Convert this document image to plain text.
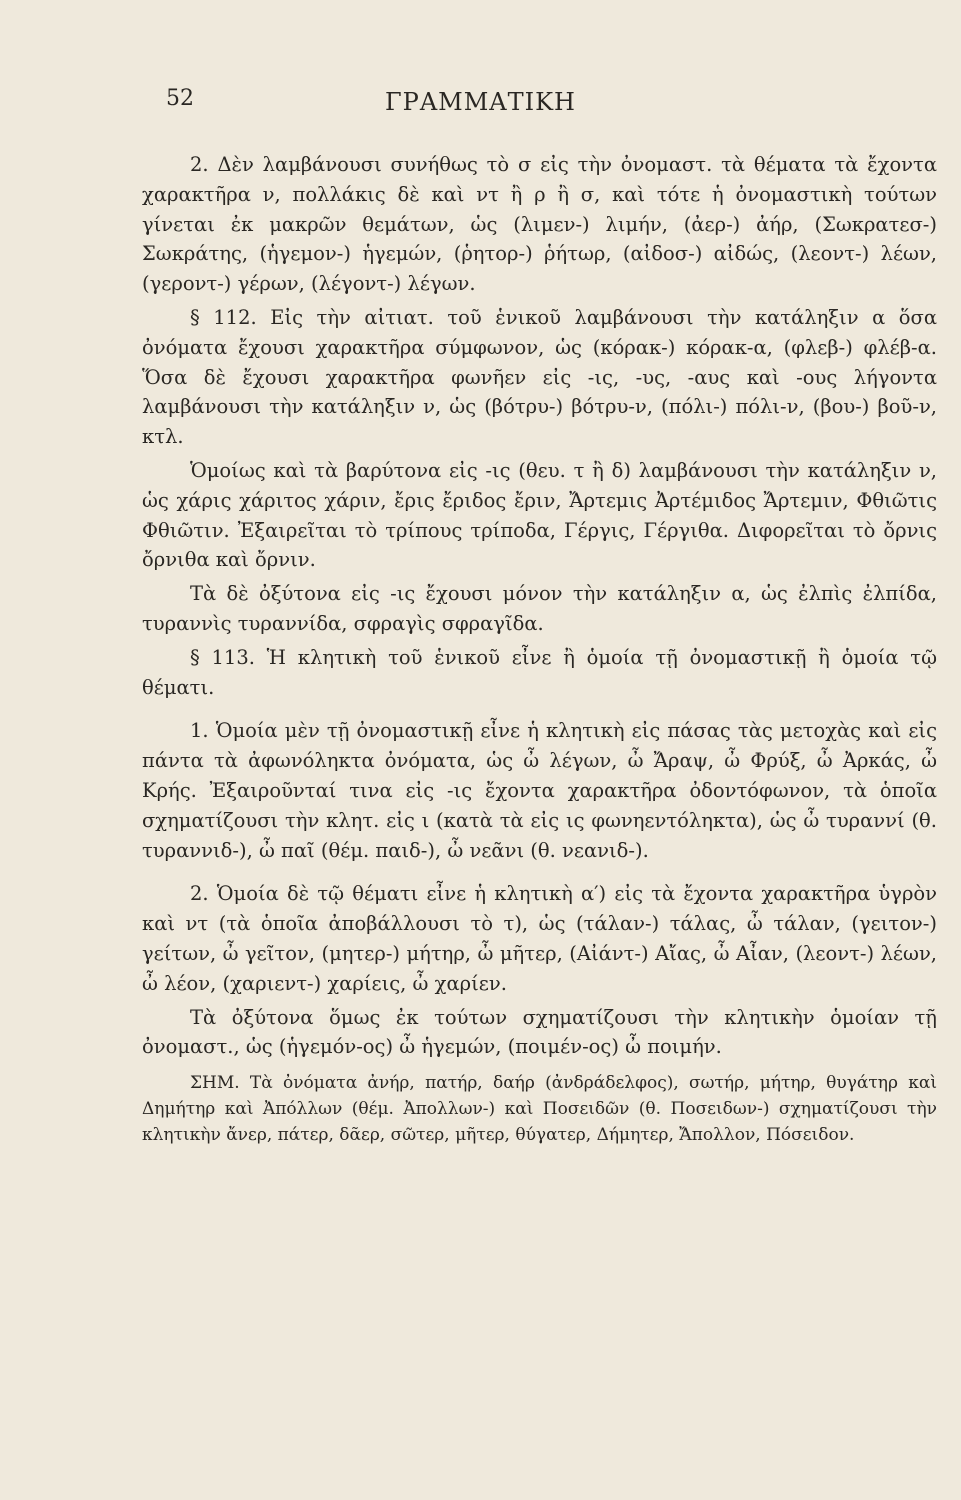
52	ΓΡΑΜΜΑΤΙΚΗ

2. Δὲν λαμβάνουσι συνήθως τὸ σ εἰς τὴν ὀνομαστ. τὰ θέματα τὰ ἔχοντα χαρακτῆρα ν, πολλάκις δὲ καὶ ντ ἢ ρ ἢ σ, καὶ τότε ἡ ὀνομαστικὴ τούτων γίνεται ἐκ μακρῶν θεμάτων, ὡς (λιμεν-) λιμήν, (ἀερ-) ἀήρ, (Σωκρατεσ-) Σωκράτης, (ἡγεμον-) ἡγεμών, (ῥητορ-) ῥήτωρ, (αἰδοσ-) αἰδώς, (λεοντ-) λέων, (γεροντ-) γέρων, (λέγοντ-) λέγων.

§ 112. Εἰς τὴν αἰτιατ. τοῦ ἑνικοῦ λαμβάνουσι τὴν κατάληξιν α ὅσα ὀνόματα ἔχουσι χαρακτῆρα σύμφωνον, ὡς (κόρακ-) κόρακ-α, (φλεβ-) φλέβ-α. Ὅσα δὲ ἔχουσι χαρακτῆρα φωνῆεν εἰς -ις, -υς, -αυς καὶ -ους λήγοντα λαμβάνουσι τὴν κατάληξιν ν, ὡς (βότρυ-) βότρυ-ν, (πόλι-) πόλι-ν, (βου-) βοῦ-ν, κτλ.

Ὁμοίως καὶ τὰ βαρύτονα εἰς -ις (θευ. τ ἢ δ) λαμβάνουσι τὴν κατάληξιν ν, ὡς χάρις χάριτος χάριν, ἔρις ἔριδος ἔριν, Ἄρτεμις Ἀρτέμιδος Ἄρτεμιν, Φθιῶτις Φθιῶτιν. Ἐξαιρεῖται τὸ τρίπους τρίποδα, Γέργις, Γέργιθα. Διφορεῖται τὸ ὄρνις ὄρνιθα καὶ ὄρνιν.

Τὰ δὲ ὀξύτονα εἰς -ις ἔχουσι μόνον τὴν κατάληξιν α, ὡς ἐλπὶς ἐλπίδα, τυραννὶς τυραννίδα, σφραγὶς σφραγῖδα.

§ 113. Ἡ κλητικὴ τοῦ ἑνικοῦ εἶνε ἢ ὁμοία τῇ ὀνομαστικῇ ἢ ὁμοία τῷ θέματι.

1. Ὁμοία μὲν τῇ ὀνομαστικῇ εἶνε ἡ κλητικὴ εἰς πάσας τὰς μετοχὰς καὶ εἰς πάντα τὰ ἀφωνόληκτα ὀνόματα, ὡς ὦ λέγων, ὦ Ἄραψ, ὦ Φρύξ, ὦ Ἀρκάς, ὦ Κρής. Ἐξαιροῦνταί τινα εἰς -ις ἔχοντα χαρακτῆρα ὀδοντόφωνον, τὰ ὁποῖα σχηματίζουσι τὴν κλητ. εἰς ι (κατὰ τὰ εἰς ις φωνηεντόληκτα), ὡς ὦ τυραννί (θ. τυραννιδ-), ὦ παῖ (θέμ. παιδ-), ὦ νεᾶνι (θ. νεανιδ-).

2. Ὁμοία δὲ τῷ θέματι εἶνε ἡ κλητικὴ α′) εἰς τὰ ἔχοντα χαρακτῆρα ὑγρὸν καὶ ντ (τὰ ὁποῖα ἀποβάλλουσι τὸ τ), ὡς (τάλαν-) τάλας, ὦ τάλαν, (γειτον-) γείτων, ὦ γεῖτον, (μητερ-) μήτηρ, ὦ μῆτερ, (Αἰάντ-) Αἴας, ὦ Αἶαν, (λεοντ-) λέων, ὦ λέον, (χαριεντ-) χαρίεις, ὦ χαρίεν.

Τὰ ὀξύτονα ὅμως ἐκ τούτων σχηματίζουσι τὴν κλητικὴν ὁμοίαν τῇ ὀνομαστ., ὡς (ἡγεμόν-ος) ὦ ἡγεμών, (ποιμέν-ος) ὦ ποιμήν.

ΣΗΜ. Τὰ ὀνόματα ἀνήρ, πατήρ, δαήρ (ἀνδράδελφος), σωτήρ, μήτηρ, θυγάτηρ καὶ Δημήτηρ καὶ Ἀπόλλων (θέμ. Ἀπολλων-) καὶ Ποσειδῶν (θ. Ποσειδων-) σχηματίζουσι τὴν κλητικὴν ἄνερ, πάτερ, δᾶερ, σῶτερ, μῆτερ, θύγατερ, Δήμητερ, Ἄπολλον, Πόσειδον.
